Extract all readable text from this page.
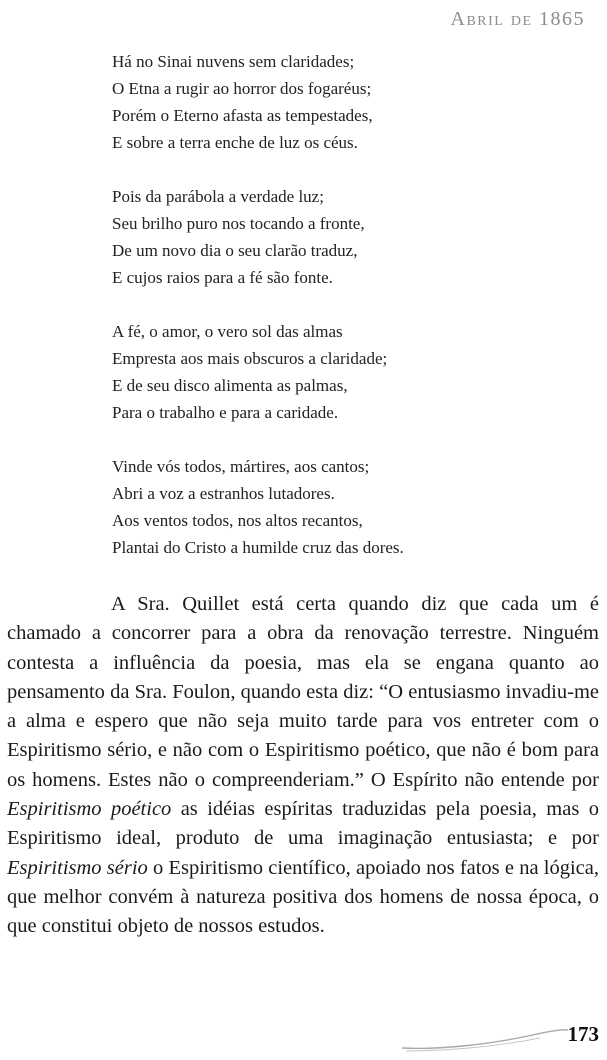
Abril de 1865
Há no Sinai nuvens sem claridades;
O Etna a rugir ao horror dos fogaréus;
Porém o Eterno afasta as tempestades,
E sobre a terra enche de luz os céus.
Pois da parábola a verdade luz;
Seu brilho puro nos tocando a fronte,
De um novo dia o seu clarão traduz,
E cujos raios para a fé são fonte.
A fé, o amor, o vero sol das almas
Empresta aos mais obscuros a claridade;
E de seu disco alimenta as palmas,
Para o trabalho e para a caridade.
Vinde vós todos, mártires, aos cantos;
Abri a voz a estranhos lutadores.
Aos ventos todos, nos altos recantos,
Plantai do Cristo a humilde cruz das dores.

A Sra. Quillet está certa quando diz que cada um é chamado a concorrer para a obra da renovação terrestre. Ninguém contesta a influência da poesia, mas ela se engana quanto ao pensamento da Sra. Foulon, quando esta diz: “O entusiasmo invadiu-me a alma e espero que não seja muito tarde para vos entreter com o Espiritismo sério, e não com o Espiritismo poético, que não é bom para os homens. Estes não o compreenderiam.” O Espírito não entende por Espiritismo poético as idéias espíritas traduzidas pela poesia, mas o Espiritismo ideal, produto de uma imaginação entusiasta; e por Espiritismo sério o Espiritismo científico, apoiado nos fatos e na lógica, que melhor convém à natureza positiva dos homens de nossa época, o que constitui objeto de nossos estudos.

173
